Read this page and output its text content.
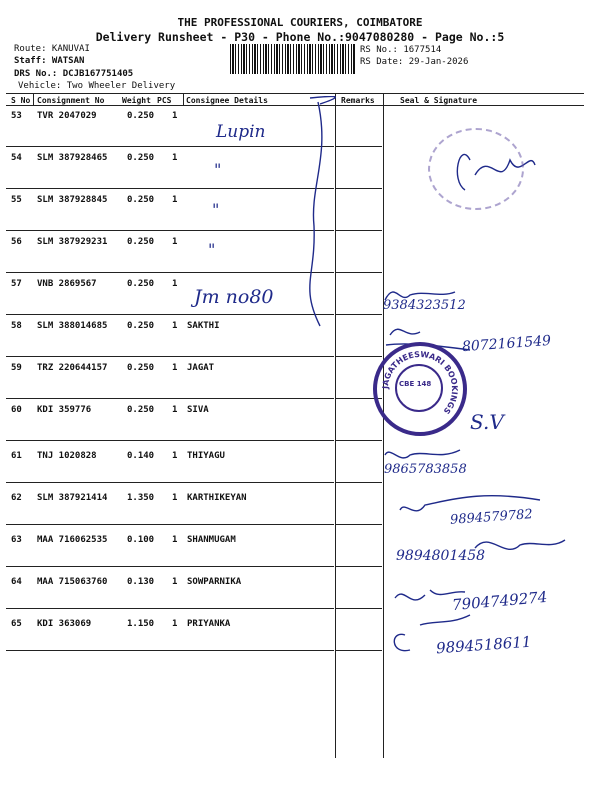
THE PROFESSIONAL COURIERS, COIMBATORE
Delivery Runsheet - P30 - Phone No.:9047080280 - Page No.:5
Route: KANUVAI
Staff: WATSAN
DRS No.: DCJB167751405
Vehicle: Two Wheeler Delivery
RS No.: 1677514
RS Date: 29-Jan-2026
S No Consignment No Weight PCS Consignee Details	Remarks	Seal & Signature
53 TVR 2047029	0.250 1
54 SLM 387928465 0.250 1
55 SLM 387928845 0.250 1
56 SLM 387929231 0.250 1
57 VNB 2869567	0.250 1
58 SLM 388014685 0.250 1 SAKTHI
59 TRZ 220644157 0.250 1 JAGAT
60 KDI 359776	0.250 1 SIVA
61 TNJ 1020828	0.140 1 THIYAGU
62 SLM 387921414 1.350 1 KARTHIKEYAN
63 MAA 716062535 0.100 1 SHANMUGAM
64 MAA 715063760 0.130 1 SOWPARNIKA
65 KDI 363069	1.150 1 PRIYANKA
Lupin
"
"
"
Jm no80	9384323512
8072161549
S.V
9865783858
9894579782
9894801458
7904749274
9894518611
JAGATHEESWARI BOOKINGS
CBE 148
